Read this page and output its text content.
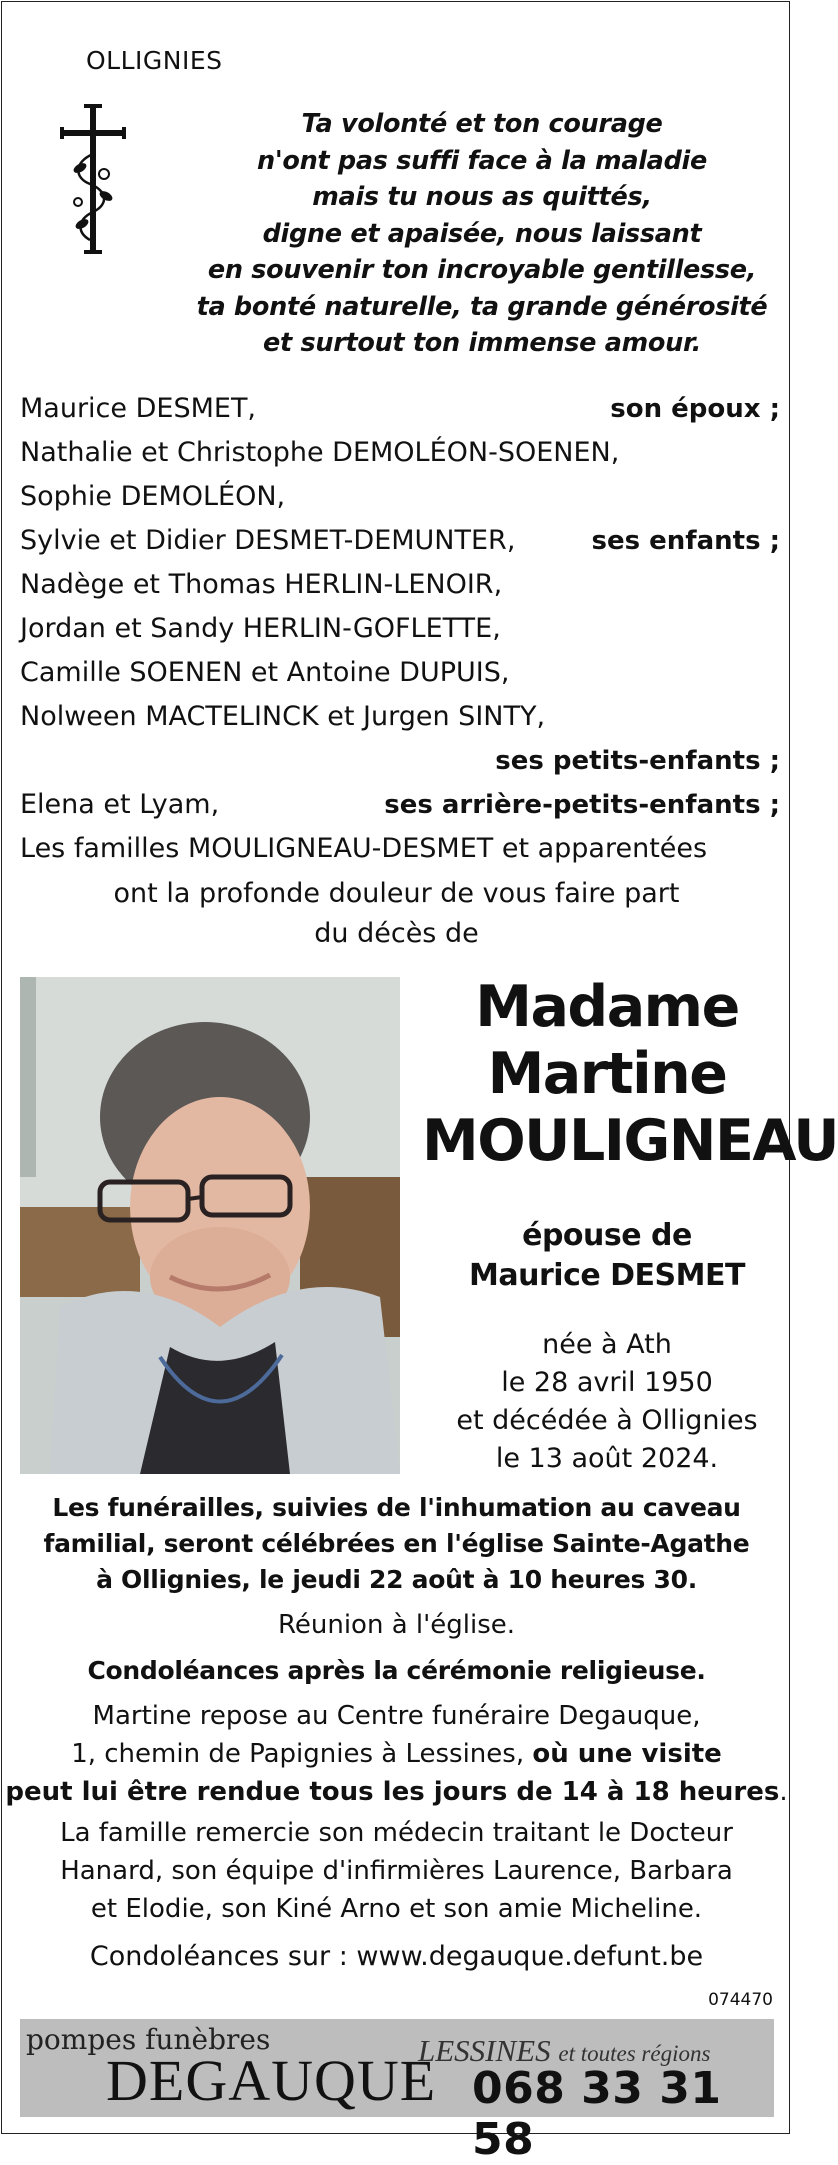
OLLIGNIES
Ta volonté et ton courage
n'ont pas suffi face à la maladie
mais tu nous as quittés,
digne et apaisée, nous laissant
en souvenir ton incroyable gentillesse,
ta bonté naturelle, ta grande générosité
et surtout ton immense amour.
Maurice DESMET,	son époux ;
Nathalie et Christophe DEMOLÉON-SOENEN,
Sophie DEMOLÉON,
Sylvie et Didier DESMET-DEMUNTER,	ses enfants ;
Nadège et Thomas HERLIN-LENOIR,
Jordan et Sandy HERLIN-GOFLETTE,
Camille SOENEN et Antoine DUPUIS,
Nolween MACTELINCK et Jurgen SINTY,
ses petits-enfants ;
Elena et Lyam,	ses arrière-petits-enfants ;
Les familles MOULIGNEAU-DESMET et apparentées
ont la profonde douleur de vous faire part
du décès de
Madame
Martine
MOULIGNEAU
épouse de
Maurice DESMET
née à Ath
le 28 avril 1950
et décédée à Ollignies
le 13 août 2024.
Les funérailles, suivies de l'inhumation au caveau
familial, seront célébrées en l'église Sainte-Agathe
à Ollignies, le jeudi 22 août à 10 heures 30.
Réunion à l'église.
Condoléances après la cérémonie religieuse.
Martine repose au Centre funéraire Degauque,
1, chemin de Papignies à Lessines, où une visite
peut lui être rendue tous les jours de 14 à 18 heures.
La famille remercie son médecin traitant le Docteur
Hanard, son équipe d'infirmières Laurence, Barbara
et Elodie, son Kiné Arno et son amie Micheline.
Condoléances sur : www.degauque.defunt.be
074470
pompes funèbres
DEGAUQUE
LESSINES et toutes régions
068 33 31 58
